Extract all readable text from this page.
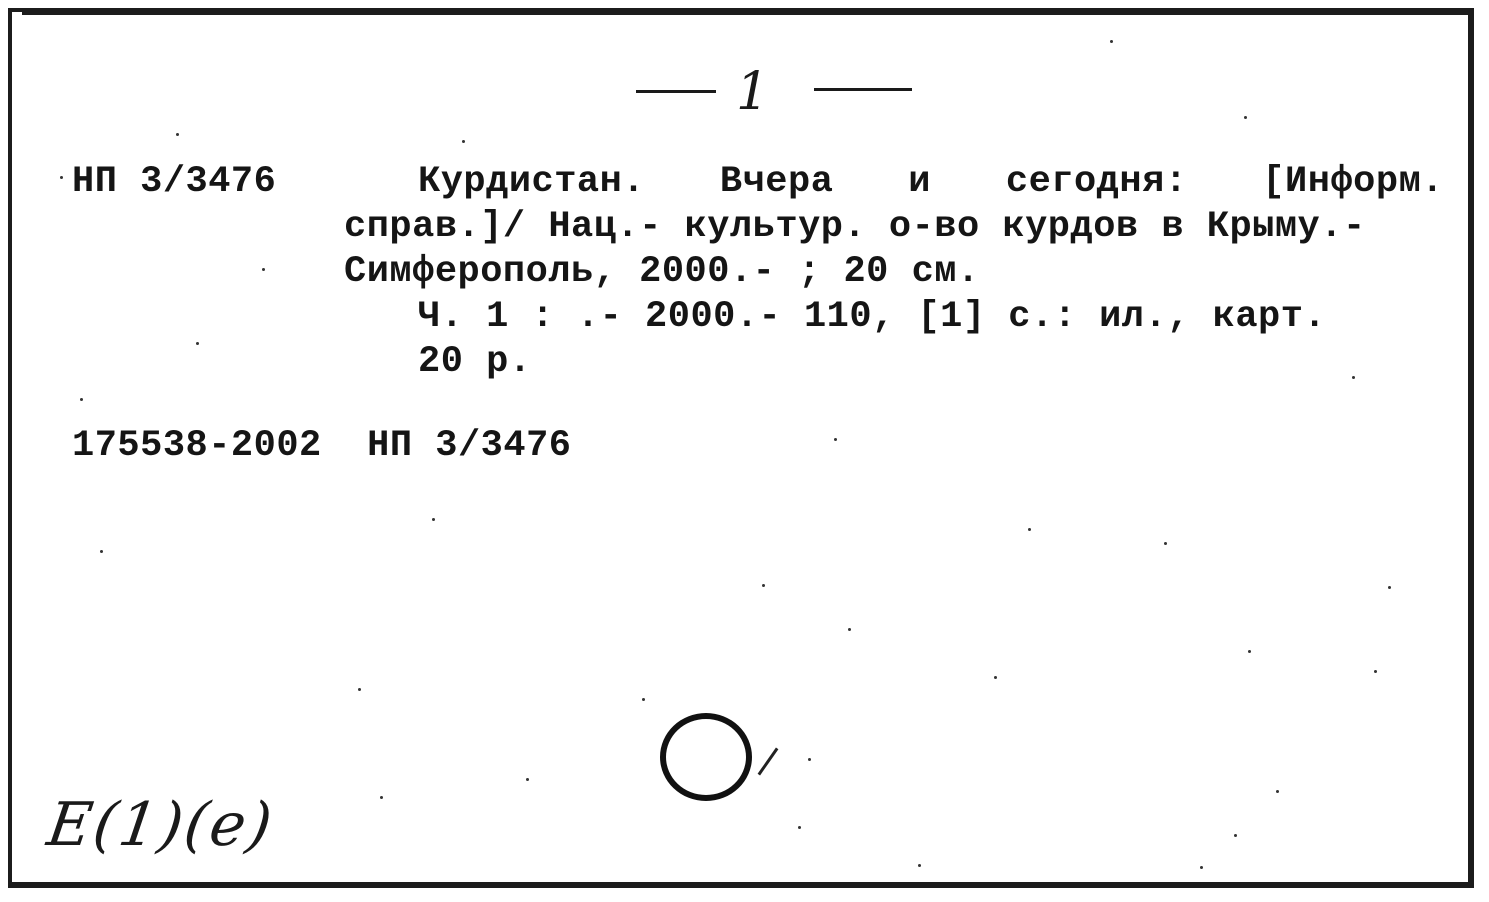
1
НП 3/3476	Курдистан. Вчера и сегодня: [Информ.
справ.]/ Нац.- культур. о-во курдов в Крыму.-
Симферополь, 2000.- ; 20 см.
Ч. 1 : .- 2000.- 110, [1] с.: ил., карт.
20 р.
175538-2002  НП 3/3476
E(1)(e)
